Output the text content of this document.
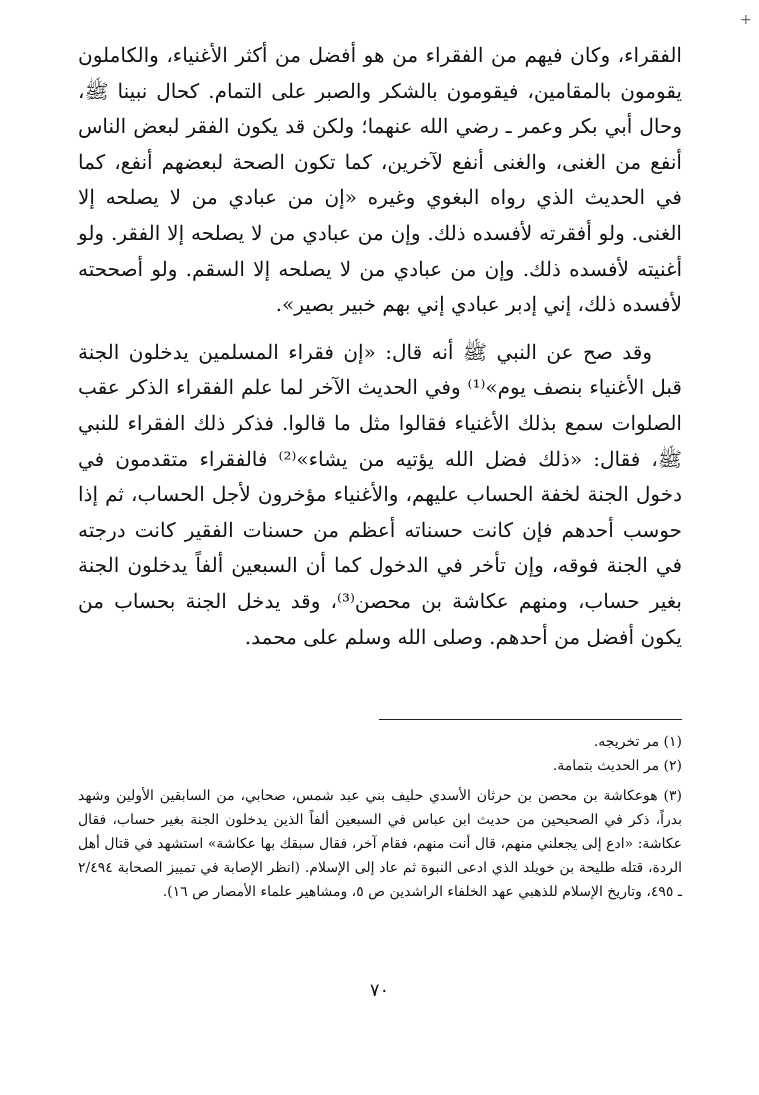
+

الفقراء، وكان فيهم من الفقراء من هو أفضل من أكثر الأغنياء، والكاملون يقومون بالمقامين، فيقومون بالشكر والصبر على التمام. كحال نبينا ﷺ، وحال أبي بكر وعمر ـ رضي الله عنهما؛ ولكن قد يكون الفقر لبعض الناس أنفع من الغنى، والغنى أنفع لآخرين، كما تكون الصحة لبعضهم أنفع، كما في الحديث الذي رواه البغوي وغيره «إن من عبادي من لا يصلحه إلا الغنى. ولو أفقرته لأفسده ذلك. وإن من عبادي من لا يصلحه إلا الفقر. ولو أغنيته لأفسده ذلك. وإن من عبادي من لا يصلحه إلا السقم. ولو أصححته لأفسده ذلك، إني إدبر عبادي إني بهم خبير بصير».

وقد صح عن النبي ﷺ أنه قال: «إن فقراء المسلمين يدخلون الجنة قبل الأغنياء بنصف يوم»⁽¹⁾ وفي الحديث الآخر لما علم الفقراء الذكر عقب الصلوات سمع بذلك الأغنياء فقالوا مثل ما قالوا. فذكر ذلك الفقراء للنبي ﷺ، فقال: «ذلك فضل الله يؤتيه من يشاء»⁽²⁾ فالفقراء متقدمون في دخول الجنة لخفة الحساب عليهم، والأغنياء مؤخرون لأجل الحساب، ثم إذا حوسب أحدهم فإن كانت حسناته أعظم من حسنات الفقير كانت درجته في الجنة فوقه، وإن تأخر في الدخول كما أن السبعين ألفاً يدخلون الجنة بغير حساب، ومنهم عكاشة بن محصن⁽³⁾، وقد يدخل الجنة بحساب من يكون أفضل من أحدهم. وصلى الله وسلم على محمد.

(١) مر تخريجه.

(٢) مر الحديث بتمامة.

(٣) هوعكاشة بن محصن بن حرثان الأسدي حليف بني عبد شمس، صحابي، من السابقين الأولين وشهد بدراً، ذكر في الصحيحين من حديث ابن عباس في السبعين ألفاً الذين يدخلون الجنة بغير حساب، فقال عكاشة: «ادع إلى يجعلني منهم، قال أنت منهم، فقام آخر، فقال سبقك بها عكاشة» استشهد في قتال أهل الردة، قتله طليحة بن خويلد الذي ادعى النبوة ثم عاد إلى الإسلام. (انظر الإصابة في تمييز الصحابة ٢/٤٩٤ ـ ٤٩٥، وتاريخ الإسلام للذهبي عهد الخلفاء الراشدين ص ٥، ومشاهير علماء الأمصار ص ١٦).

٧٠
